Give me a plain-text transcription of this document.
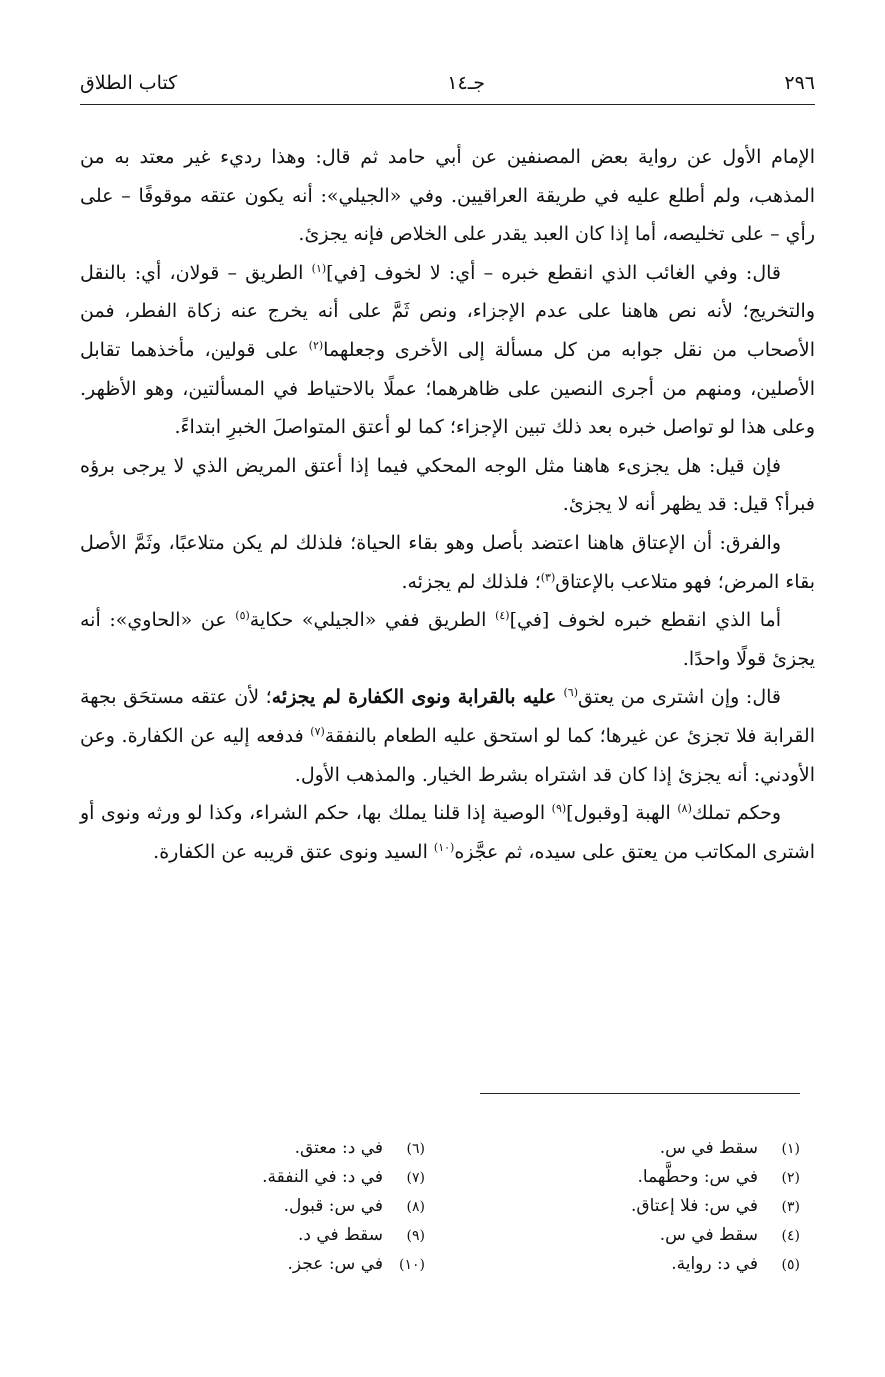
٢٩٦
جـ١٤
كتاب الطلاق

الإمام الأول عن رواية بعض المصنفين عن أبي حامد ثم قال: وهذا رديء غير معتد به من المذهب، ولم أطلع عليه في طريقة العراقيين. وفي «الجيلي»: أنه يكون عتقه موقوفًا – على رأي – على تخليصه، أما إذا كان العبد يقدر على الخلاص فإنه يجزئ.

قال: وفي الغائب الذي انقطع خبره – أي: لا لخوف [في]$^{(١)}$ الطريق – قولان، أي: بالنقل والتخريج؛ لأنه نص هاهنا على عدم الإجزاء، ونص ثَمَّ على أنه يخرج عنه زكاة الفطر، فمن الأصحاب من نقل جوابه من كل مسألة إلى الأخرى وجعلهما$^{(٢)}$ على قولين، مأخذهما تقابل الأصلين، ومنهم من أجرى النصين على ظاهرهما؛ عملًا بالاحتياط في المسألتين، وهو الأظهر. وعلى هذا لو تواصل خبره بعد ذلك تبين الإجزاء؛ كما لو أعتق المتواصلَ الخبرِ ابتداءً.

فإن قيل: هل يجزىء هاهنا مثل الوجه المحكي فيما إذا أعتق المريض الذي لا يرجى برؤه فبرأ؟ قيل: قد يظهر أنه لا يجزئ.

والفرق: أن الإعتاق هاهنا اعتضد بأصل وهو بقاء الحياة؛ فلذلك لم يكن متلاعبًا، وثَمَّ الأصل بقاء المرض؛ فهو متلاعب بالإعتاق$^{(٣)}$؛ فلذلك لم يجزئه.

أما الذي انقطع خبره لخوف [في]$^{(٤)}$ الطريق ففي «الجيلي» حكاية$^{(٥)}$ عن «الحاوي»: أنه يجزئ قولًا واحدًا.

قال: وإن اشترى من يعتق$^{(٦)}$ عليه بالقرابة ونوى الكفارة لم يجزئه؛ لأن عتقه مستحَق بجهة القرابة فلا تجزئ عن غيرها؛ كما لو استحق عليه الطعام بالنفقة$^{(٧)}$ فدفعه إليه عن الكفارة. وعن الأودني: أنه يجزئ إذا كان قد اشتراه بشرط الخيار. والمذهب الأول.

وحكم تملك$^{(٨)}$ الهبة [وقبول]$^{(٩)}$ الوصية إذا قلنا يملك بها، حكم الشراء، وكذا لو ورثه ونوى أو اشترى المكاتب من يعتق على سيده، ثم عجَّزه$^{(١٠)}$ السيد ونوى عتق قريبه عن الكفارة.

(١)سقط في س.
(٢)في س: وحطَّهما.
(٣)في س: فلا إعتاق.
(٤)سقط في س.
(٥)في د: رواية.
(٦)في د: معتق.
(٧)في د: في النفقة.
(٨)في س: قبول.
(٩)سقط في د.
(١٠)في س: عجز.
